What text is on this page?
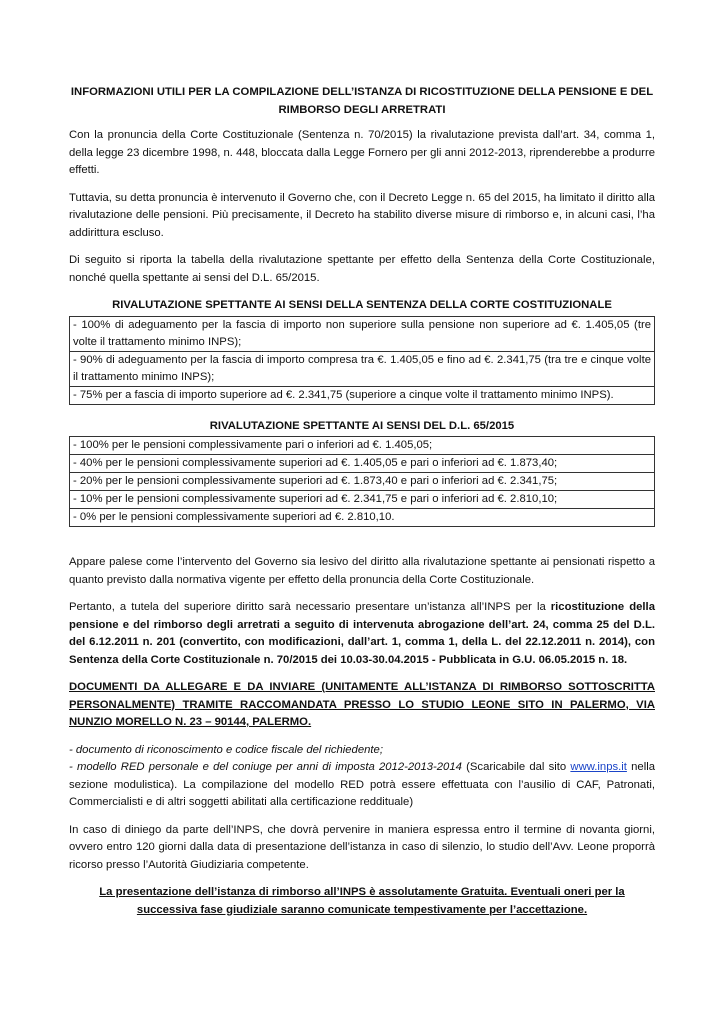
INFORMAZIONI UTILI PER LA COMPILAZIONE DELL’ISTANZA DI RICOSTITUZIONE DELLA PENSIONE E DEL RIMBORSO DEGLI ARRETRATI

Con la pronuncia della Corte Costituzionale (Sentenza n. 70/2015) la rivalutazione prevista dall’art. 34, comma 1, della legge 23 dicembre 1998, n. 448, bloccata dalla Legge Fornero per gli anni 2012-2013, riprenderebbe a produrre effetti.

Tuttavia, su detta pronuncia è intervenuto il Governo che, con il Decreto Legge n. 65 del 2015, ha limitato il diritto alla rivalutazione delle pensioni. Più precisamente, il Decreto ha stabilito diverse misure di rimborso e, in alcuni casi, l’ha addirittura escluso.

Di seguito si riporta la tabella della rivalutazione spettante per effetto della Sentenza della Corte Costituzionale, nonché quella spettante ai sensi del D.L. 65/2015.

RIVALUTAZIONE SPETTANTE AI SENSI DELLA SENTENZA DELLA CORTE COSTITUZIONALE
- 100% di adeguamento per la fascia di importo non superiore sulla pensione non superiore ad €. 1.405,05 (tre volte il trattamento minimo INPS);
- 90% di adeguamento per la fascia di importo compresa tra €. 1.405,05 e fino ad €. 2.341,75 (tra tre e cinque volte il trattamento minimo INPS);
- 75% per a fascia di importo superiore ad €. 2.341,75 (superiore a cinque volte il trattamento minimo INPS).
RIVALUTAZIONE SPETTANTE AI SENSI DEL D.L. 65/2015
- 100% per le pensioni complessivamente pari o inferiori ad €. 1.405,05;
- 40% per le pensioni complessivamente superiori ad €. 1.405,05 e pari o inferiori ad €. 1.873,40;
- 20% per le pensioni complessivamente superiori ad €. 1.873,40 e pari o inferiori ad €. 2.341,75;
- 10% per le pensioni complessivamente superiori ad €. 2.341,75 e pari o inferiori ad €. 2.810,10;
- 0% per le pensioni complessivamente superiori ad €. 2.810,10.

Appare palese come l’intervento del Governo sia lesivo del diritto alla rivalutazione spettante ai pensionati rispetto a quanto previsto dalla normativa vigente per effetto della pronuncia della Corte Costituzionale.

Pertanto, a tutela del superiore diritto sarà necessario presentare un’istanza all’INPS per la ricostituzione della pensione e del rimborso degli arretrati a seguito di intervenuta abrogazione dell’art. 24, comma 25 del D.L. del 6.12.2011 n. 201 (convertito, con modificazioni, dall’art. 1, comma 1, della L. del 22.12.2011 n. 2014), con Sentenza della Corte Costituzionale n. 70/2015 dei 10.03-30.04.2015 - Pubblicata in G.U. 06.05.2015 n. 18.

DOCUMENTI DA ALLEGARE E DA INVIARE (UNITAMENTE ALL’ISTANZA DI RIMBORSO SOTTOSCRITTA PERSONALMENTE) TRAMITE RACCOMANDATA PRESSO LO STUDIO LEONE SITO IN PALERMO, VIA NUNZIO MORELLO N. 23 – 90144, PALERMO.

- documento di riconoscimento e codice fiscale del richiedente;
- modello RED personale e del coniuge per anni di imposta 2012-2013-2014 (Scaricabile dal sito www.inps.it nella sezione modulistica). La compilazione del modello RED potrà essere effettuata con l’ausilio di CAF, Patronati, Commercialisti e di altri soggetti abilitati alla certificazione reddituale)

In caso di diniego da parte dell’INPS, che dovrà pervenire in maniera espressa entro il termine di novanta giorni, ovvero entro 120 giorni dalla data di presentazione dell’istanza in caso di silenzio, lo studio dell’Avv. Leone proporrà ricorso presso l’Autorità Giudiziaria competente.

La presentazione dell’istanza di rimborso all’INPS è assolutamente Gratuita. Eventuali oneri per la successiva fase giudiziale saranno comunicate tempestivamente per l’accettazione.
